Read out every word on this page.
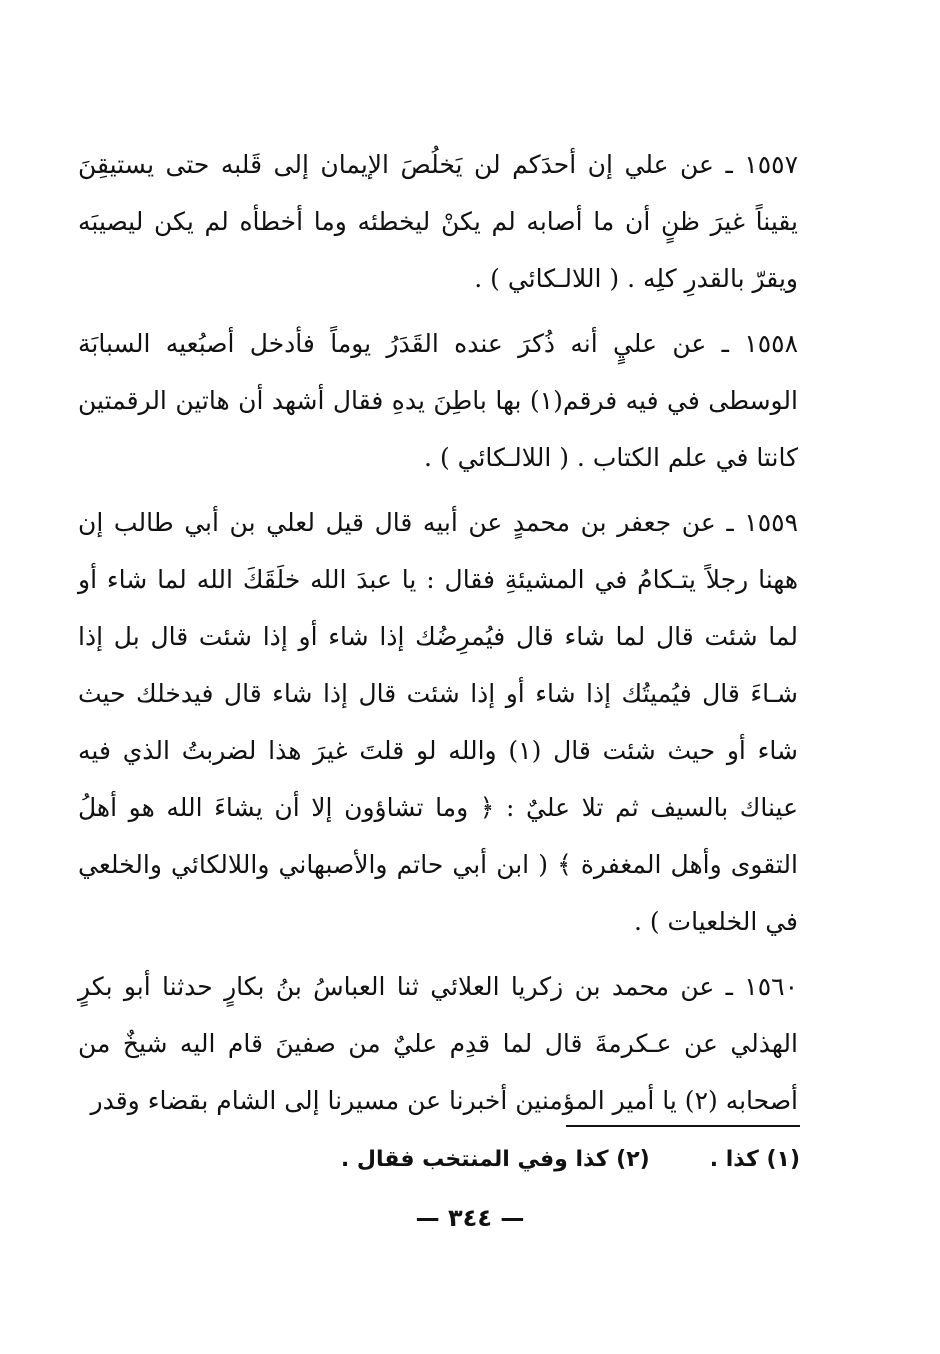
١٥٥٧ ـ عن علي إن أحدَكم لن يَخلُصَ الإيمان إلى قَلبه حتى يستيقِنَ يقيناً غيرَ ظنٍ أن ما أصابه لم يكنْ ليخطئه وما أخطأه لم يكن ليصيبَه ويقرّ بالقدرِ كلِه . ( اللالـكائي ) .

١٥٥٨ ـ عن عليٍ أنه ذُكرَ عنده القَدَرُ يوماً فأدخل أصبُعيه السبابَة الوسطى في فيه فرقم(١) بها باطِنَ يدهِ فقال أشهد أن هاتين الرقمتين كانتا في علم الكتاب . ( اللالـكائي ) .

١٥٥٩ ـ عن جعفر بن محمدٍ عن أبيه قال قيل لعلي بن أبي طالب إن ههنا رجلاً يتـكامُ في المشيئةِ فقال : يا عبدَ الله خلَقَكَ الله لما شاء أو لما شئت قال لما شاء قال فيُمرِضُك إذا شاء أو إذا شئت قال بل إذا شـاءَ قال فيُميتُك إذا شاء أو إذا شئت قال إذا شاء قال فيدخلك حيث شاء أو حيث شئت قال (١) والله لو قلتَ غيرَ هذا لضربتُ الذي فيه عيناك بالسيف ثم تلا عليٌ : ﴿ وما تشاؤون إلا أن يشاءَ الله هو أهلُ التقوى وأهل المغفرة ﴾ ( ابن أبي حاتم والأصبهاني واللالكائي والخلعي في الخلعيات ) .

١٥٦٠ ـ عن محمد بن زكريا العلائي ثنا العباسُ بنُ بكارٍ حدثنا أبو بكرٍ الهذلي عن عـكرمةَ قال لما قدِم عليٌ من صفينَ قام اليه شيخٌ من أصحابه (٢) يا أمير المؤمنين أخبرنا عن مسيرنا إلى الشام بقضاء وقدر

(١) كذا .
(٢) كذا وفي المنتخب فقال .
— ٣٤٤ —
